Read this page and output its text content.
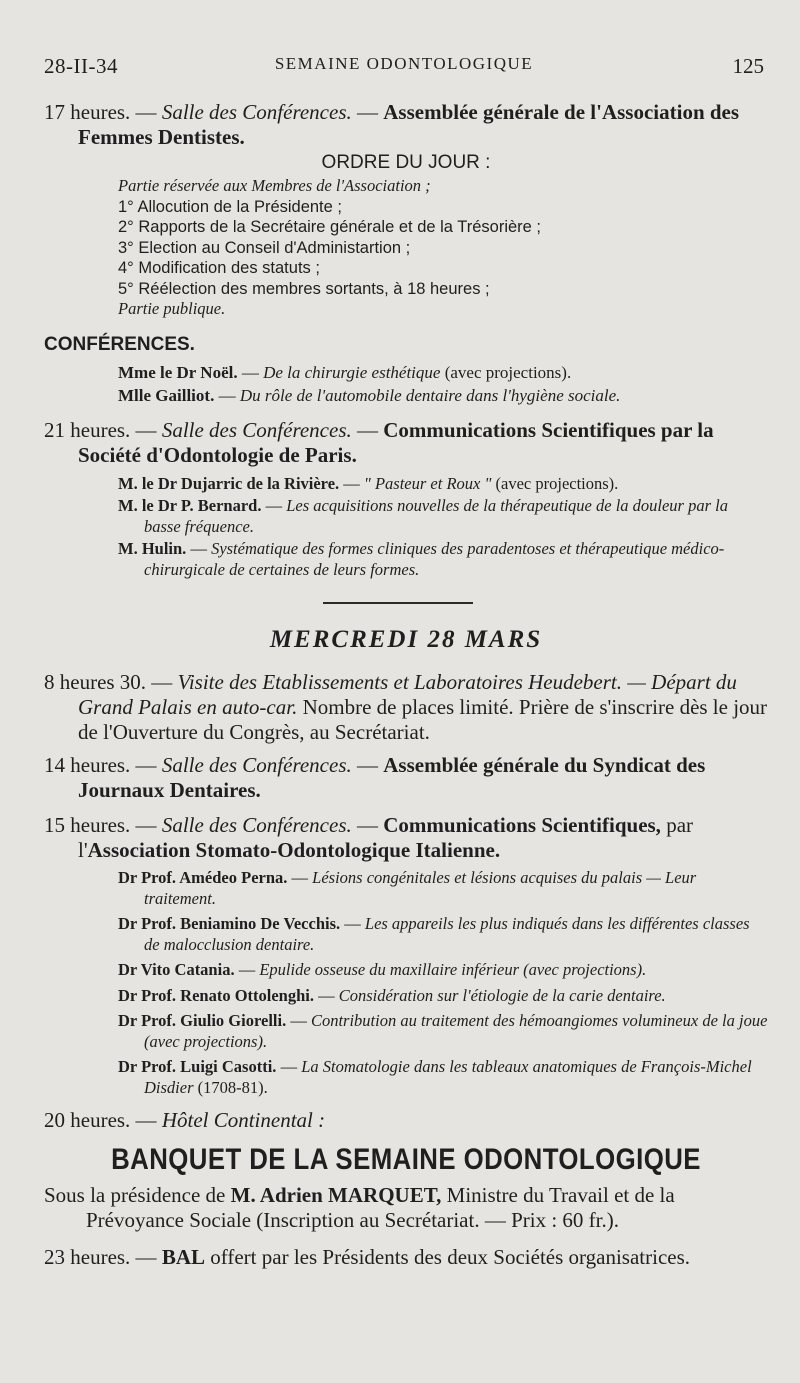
28-II-34	SEMAINE ODONTOLOGIQUE	125
17 heures. — Salle des Conférences. — Assemblée générale de l'Association des Femmes Dentistes.
ORDRE DU JOUR :
Partie réservée aux Membres de l'Association ;
1° Allocution de la Présidente ;
2° Rapports de la Secrétaire générale et de la Trésorière ;
3° Election au Conseil d'Administartion ;
4° Modification des statuts ;
5° Réélection des membres sortants, à 18 heures ;
Partie publique.
CONFÉRENCES.
Mme le Dr Noël. — De la chirurgie esthétique (avec projections).
Mlle Gailliot. — Du rôle de l'automobile dentaire dans l'hygiène sociale.
21 heures. — Salle des Conférences. — Communications Scientifiques par la Société d'Odontologie de Paris.
M. le Dr Dujarric de la Rivière. — " Pasteur et Roux " (avec projections).
M. le Dr P. Bernard. — Les acquisitions nouvelles de la thérapeutique de la douleur par la basse fréquence.
M. Hulin. — Systématique des formes cliniques des paradentoses et thérapeutique médico-chirurgicale de certaines de leurs formes.
MERCREDI 28 MARS
8 heures 30. — Visite des Etablissements et Laboratoires Heudebert. — Départ du Grand Palais en auto-car. Nombre de places limité. Prière de s'inscrire dès le jour de l'Ouverture du Congrès, au Secrétariat.
14 heures. — Salle des Conférences. — Assemblée générale du Syndicat des Journaux Dentaires.
15 heures. — Salle des Conférences. — Communications Scientifiques, par l'Association Stomato-Odontologique Italienne.
Dr Prof. Amédeo Perna. — Lésions congénitales et lésions acquises du palais — Leur traitement.
Dr Prof. Beniamino De Vecchis. — Les appareils les plus indiqués dans les différentes classes de malocclusion dentaire.
Dr Vito Catania. — Epulide osseuse du maxillaire inférieur (avec projections).
Dr Prof. Renato Ottolenghi. — Considération sur l'étiologie de la carie dentaire.
Dr Prof. Giulio Giorelli. — Contribution au traitement des hémoangiomes volumineux de la joue (avec projections).
Dr Prof. Luigi Casotti. — La Stomatologie dans les tableaux anatomiques de François-Michel Disdier (1708-81).
20 heures. — Hôtel Continental :
BANQUET DE LA SEMAINE ODONTOLOGIQUE
Sous la présidence de M. Adrien MARQUET, Ministre du Travail et de la Prévoyance Sociale (Inscription au Secrétariat. — Prix : 60 fr.).
23 heures. — BAL offert par les Présidents des deux Sociétés organisatrices.
